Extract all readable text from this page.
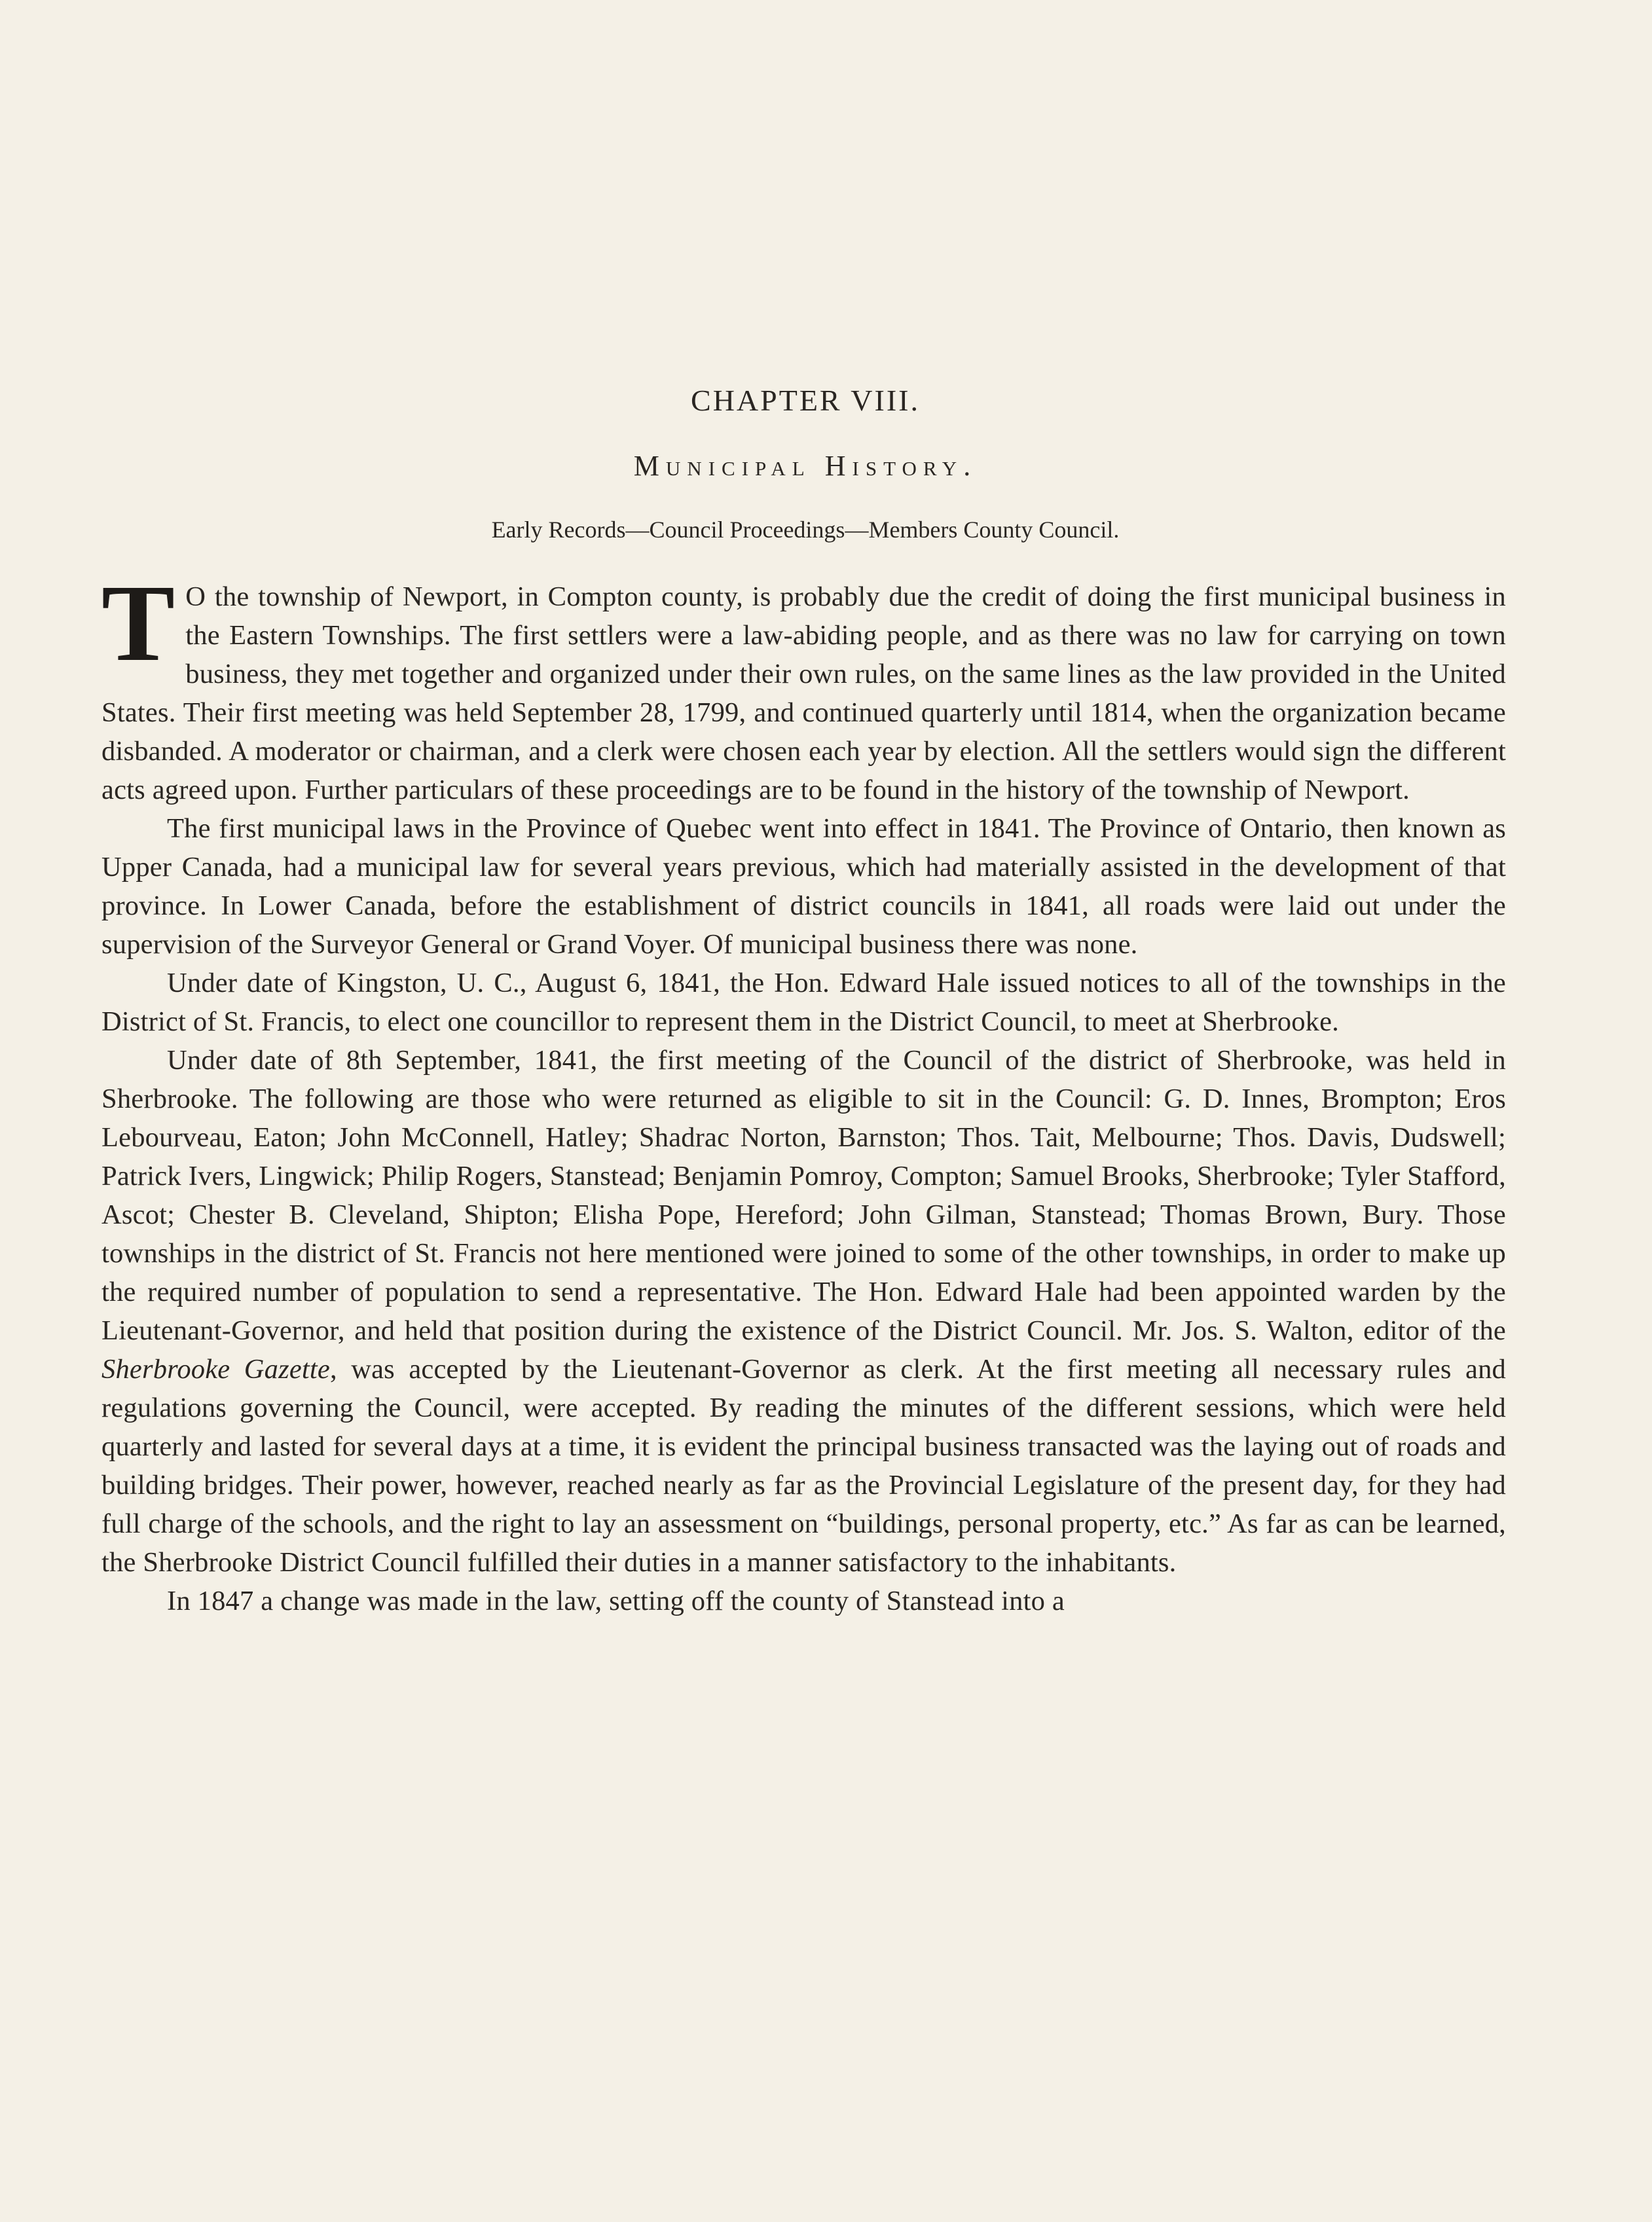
CHAPTER VIII.
Municipal History.
Early Records—Council Proceedings—Members County Council.

T O the township of Newport, in Compton county, is probably due the credit of doing the first municipal business in the Eastern Townships. The first settlers were a law-abiding people, and as there was no law for carrying on town business, they met together and organized under their own rules, on the same lines as the law provided in the United States. Their first meeting was held September 28, 1799, and continued quarterly until 1814, when the organization became disbanded. A moderator or chairman, and a clerk were chosen each year by election. All the settlers would sign the different acts agreed upon. Further particulars of these proceedings are to be found in the history of the township of Newport.

The first municipal laws in the Province of Quebec went into effect in 1841. The Province of Ontario, then known as Upper Canada, had a municipal law for several years previous, which had materially assisted in the development of that province. In Lower Canada, before the establishment of district councils in 1841, all roads were laid out under the supervision of the Surveyor General or Grand Voyer. Of municipal business there was none.

Under date of Kingston, U. C., August 6, 1841, the Hon. Edward Hale issued notices to all of the townships in the District of St. Francis, to elect one councillor to represent them in the District Council, to meet at Sherbrooke.

Under date of 8th September, 1841, the first meeting of the Council of the district of Sherbrooke, was held in Sherbrooke. The following are those who were returned as eligible to sit in the Council: G. D. Innes, Brompton; Eros Lebourveau, Eaton; John McConnell, Hatley; Shadrac Norton, Barnston; Thos. Tait, Melbourne; Thos. Davis, Dudswell; Patrick Ivers, Lingwick; Philip Rogers, Stanstead; Benjamin Pomroy, Compton; Samuel Brooks, Sherbrooke; Tyler Stafford, Ascot; Chester B. Cleveland, Shipton; Elisha Pope, Hereford; John Gilman, Stanstead; Thomas Brown, Bury. Those townships in the district of St. Francis not here mentioned were joined to some of the other townships, in order to make up the required number of population to send a representative. The Hon. Edward Hale had been appointed warden by the Lieutenant-Governor, and held that position during the existence of the District Council. Mr. Jos. S. Walton, editor of the Sherbrooke Gazette, was accepted by the Lieutenant-Governor as clerk. At the first meeting all necessary rules and regulations governing the Council, were accepted. By reading the minutes of the different sessions, which were held quarterly and lasted for several days at a time, it is evident the principal business transacted was the laying out of roads and building bridges. Their power, however, reached nearly as far as the Provincial Legislature of the present day, for they had full charge of the schools, and the right to lay an assessment on “buildings, personal property, etc.” As far as can be learned, the Sherbrooke District Council fulfilled their duties in a manner satisfactory to the inhabitants.

In 1847 a change was made in the law, setting off the county of Stanstead into a
